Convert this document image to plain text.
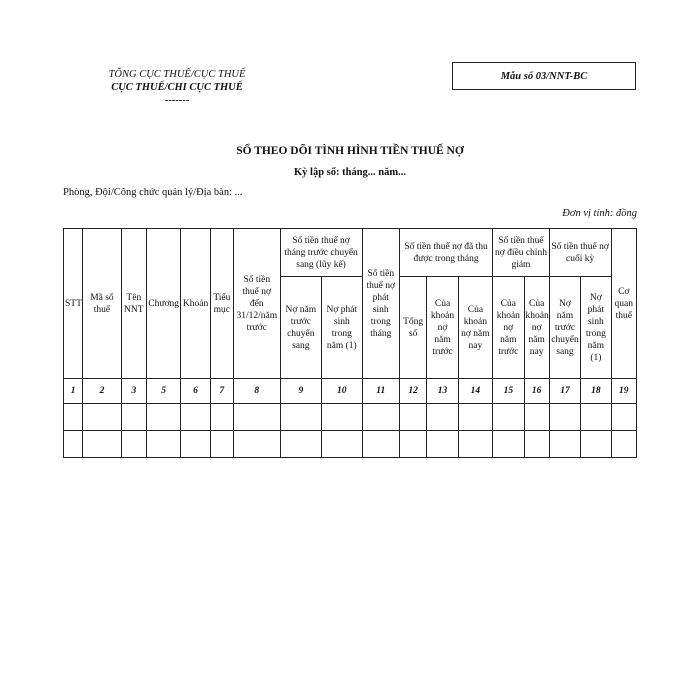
TỔNG CỤC THUẾ/CỤC THUẾ
CỤC THUẾ/CHI CỤC THUẾ
-------
Mẫu số 03/NNT-BC
SỔ THEO DÕI TÌNH HÌNH TIỀN THUẾ NỢ
Kỳ lập sổ: tháng... năm...
Phòng, Đội/Công chức quản lý/Địa bàn: ...
Đơn vị tính: đồng
STT	Mã số thuế	Tên NNT	Chương	Khoản	Tiểu mục	Số tiền thuế nợ đến 31/12/năm trước	Số tiền thuế nợ tháng trước chuyển sang (lũy kế)		Số tiền thuế nợ phát sinh trong tháng	Số tiền thuế nợ đã thu được trong tháng			Số tiền thuế nợ điều chỉnh giảm		Số tiền thuế nợ cuối kỳ		Cơ quan thuế
							Nợ năm trước chuyển sang	Nợ phát sinh trong năm (1)		Tổng số	Của khoản nợ năm trước	Của khoản nợ năm nay	Của khoản nợ năm trước	Của khoản nợ năm nay	Nợ năm trước chuyển sang	Nợ phát sinh trong năm (1)	
1	2	3	5	6	7	8	9	10	11	12	13	14	15	16	17	18	19
